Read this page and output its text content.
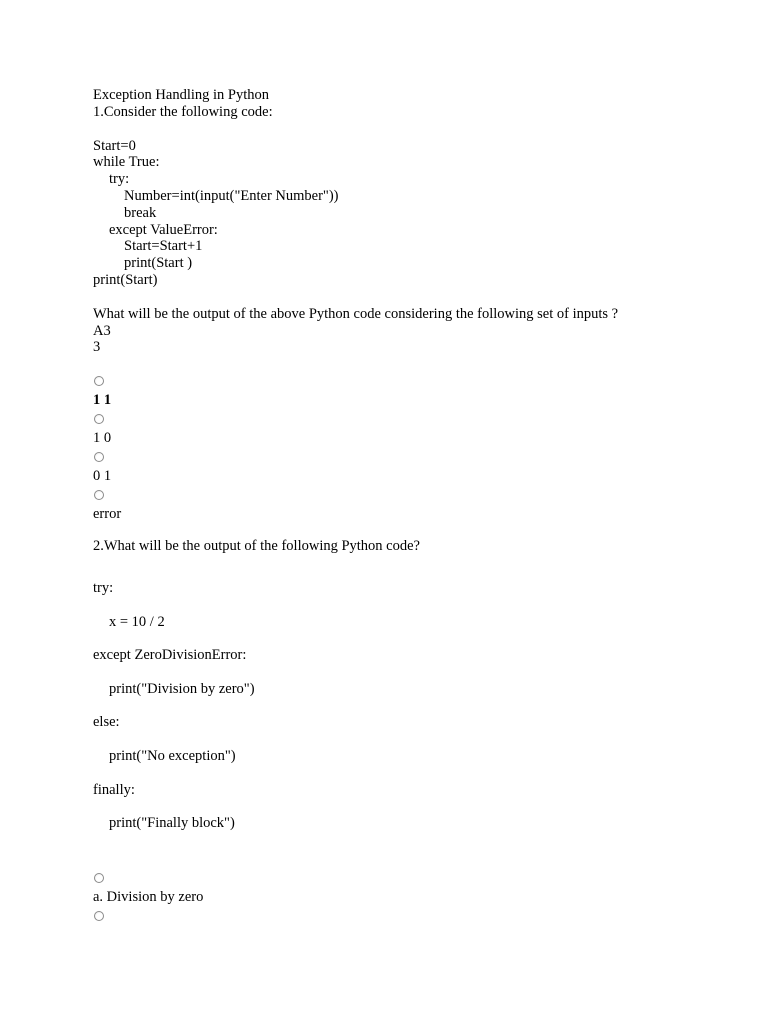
Exception Handling in Python

1.Consider the following code:

Start=0

while True:

try:

Number=int(input("Enter Number"))

break

except ValueError:

Start=Start+1

print(Start )

print(Start)

What will be the output of the above Python code considering the following set of inputs ?

A3

3

1 1

1 0

0 1

error

2.What will be the output of the following Python code?

try:

x = 10 / 2

except ZeroDivisionError:

print("Division by zero")

else:

print("No exception")

finally:

print("Finally block")

a. Division by zero
